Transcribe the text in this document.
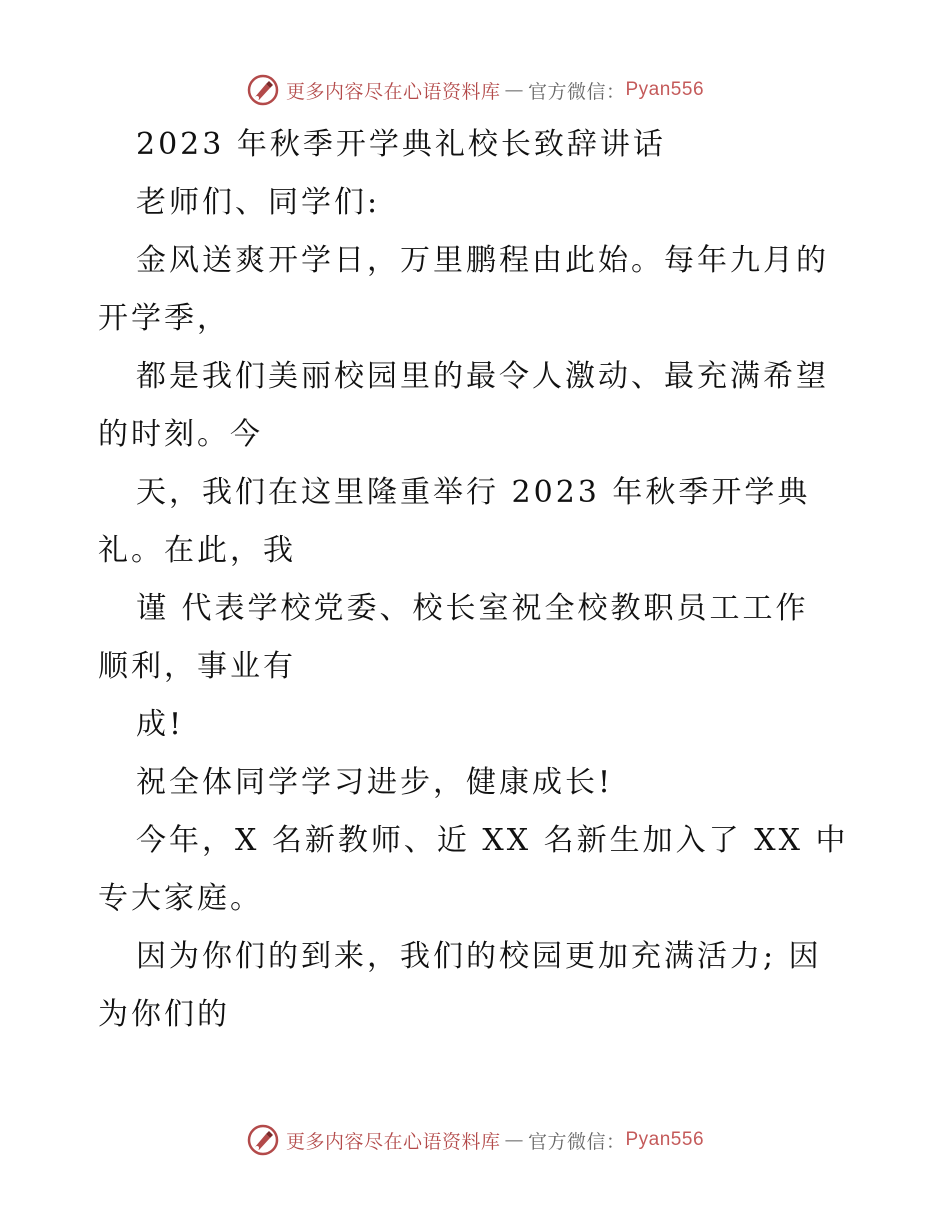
更多内容尽在心语资料库 — 官方微信： Pyan556

2023 年秋季开学典礼校长致辞讲话

老师们、同学们:

金风送爽开学日，万里鹏程由此始。每年九月的

开学季，

都是我们美丽校园里的最令人激动、最充满希望

的时刻。今

天，我们在这里隆重举行 2023 年秋季开学典

礼。在此，我

谨 代表学校党委、校长室祝全校教职员工工作

顺利，事业有

成!

祝全体同学学习进步，健康成长!

今年，X 名新教师、近 XX 名新生加入了 XX 中

专大家庭。

因为你们的到来，我们的校园更加充满活力; 因

为你们的

更多内容尽在心语资料库 — 官方微信： Pyan556
